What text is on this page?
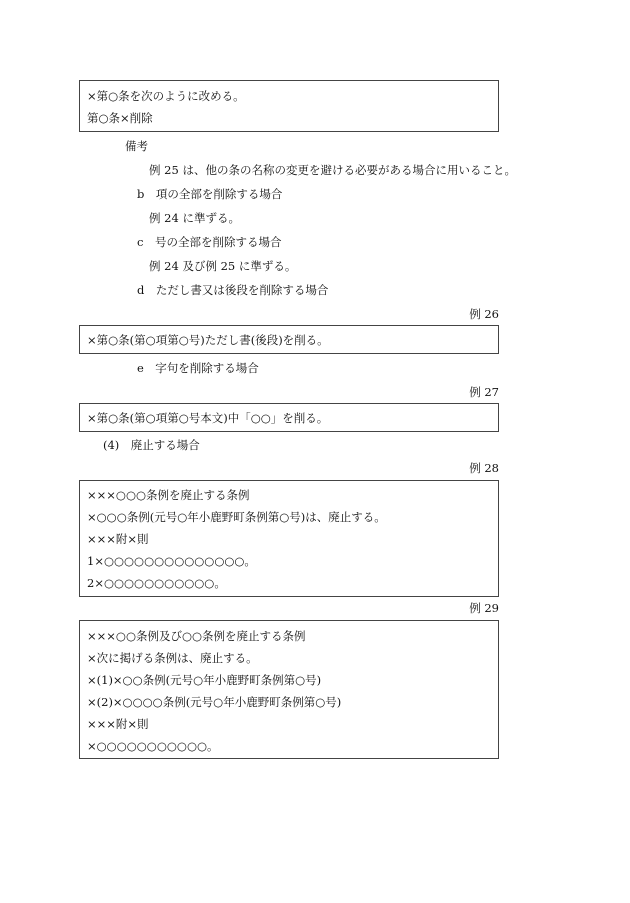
×第○条を次のように改める。
第○条×削除
備考
例 25 は、他の条の名称の変更を避ける必要がある場合に用いること。
b　項の全部を削除する場合
例 24 に準ずる。
c　号の全部を削除する場合
例 24 及び例 25 に準ずる。
d　ただし書又は後段を削除する場合
例 26
×第○条(第○項第○号)ただし書(後段)を削る。
e　字句を削除する場合
例 27
×第○条(第○項第○号本文)中「○○」を削る。
(4)　廃止する場合
例 28
×××○○○条例を廃止する条例
×○○○条例(元号○年小鹿野町条例第○号)は、廃止する。
×××附×則
1×○○○○○○○○○○○○○○。
2×○○○○○○○○○○○。
例 29
×××○○条例及び○○条例を廃止する条例
×次に掲げる条例は、廃止する。
×(1)×○○条例(元号○年小鹿野町条例第○号)
×(2)×○○○○条例(元号○年小鹿野町条例第○号)
×××附×則
×○○○○○○○○○○○。
